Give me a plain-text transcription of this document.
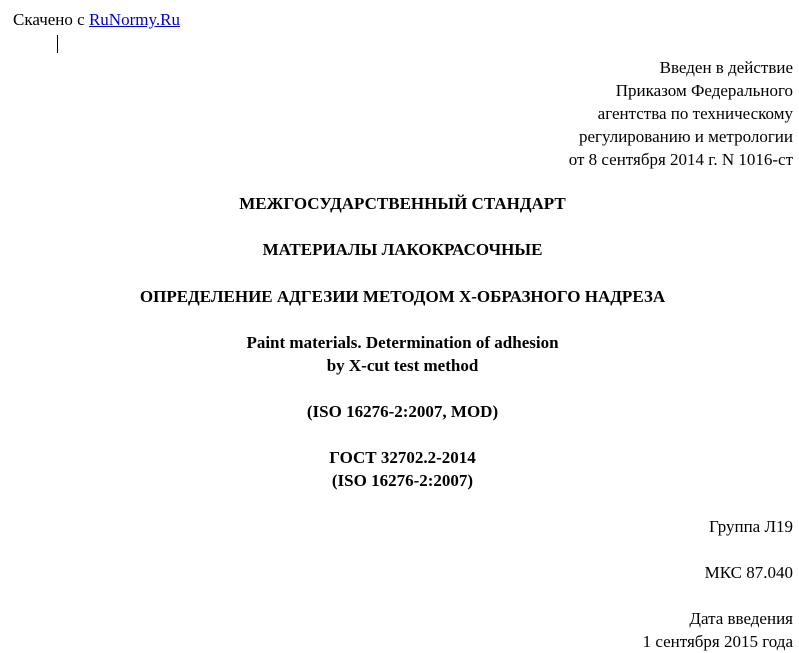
Скачено с RuNormy.Ru
Введен в действие
Приказом Федерального
агентства по техническому
регулированию и метрологии
от 8 сентября 2014 г. N 1016-ст
МЕЖГОСУДАРСТВЕННЫЙ СТАНДАРТ
МАТЕРИАЛЫ ЛАКОКРАСОЧНЫЕ
ОПРЕДЕЛЕНИЕ АДГЕЗИИ МЕТОДОМ Х-ОБРАЗНОГО НАДРЕЗА
Paint materials. Determination of adhesion
by X-cut test method
(ISO 16276-2:2007, MOD)
ГОСТ 32702.2-2014
(ISO 16276-2:2007)
Группа Л19
МКС 87.040
Дата введения
1 сентября 2015 года
